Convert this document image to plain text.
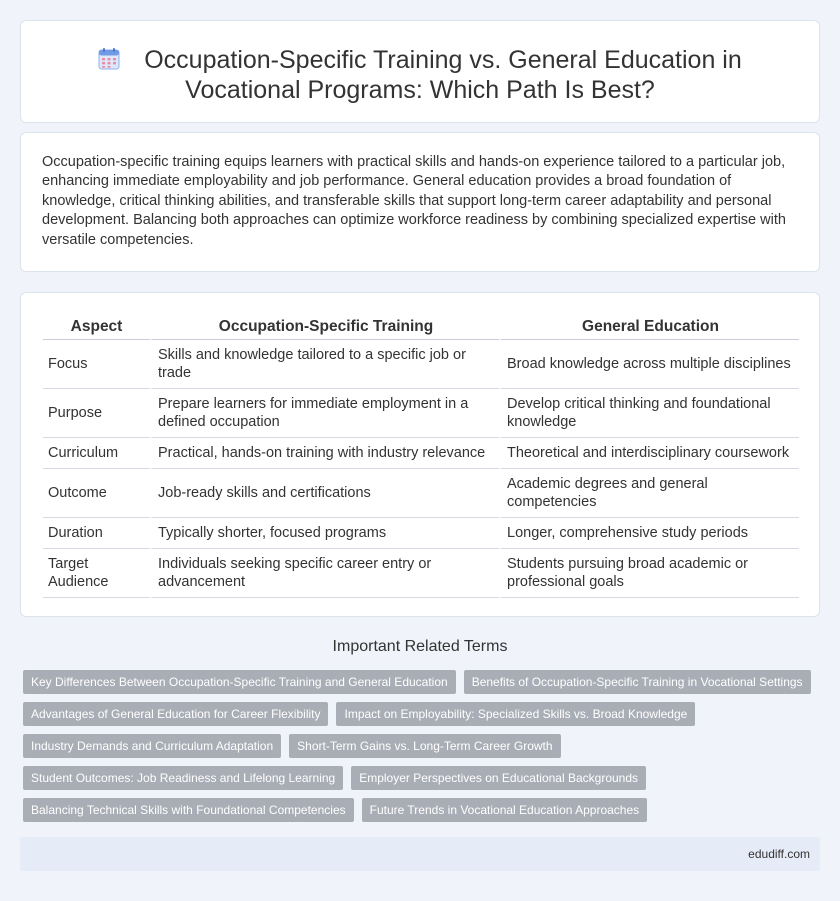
Occupation-Specific Training vs. General Education in Vocational Programs: Which Path Is Best?

Occupation-specific training equips learners with practical skills and hands-on experience tailored to a particular job, enhancing immediate employability and job performance. General education provides a broad foundation of knowledge, critical thinking abilities, and transferable skills that support long-term career adaptability and personal development. Balancing both approaches can optimize workforce readiness by combining specialized expertise with versatile competencies.

Aspect	Occupation-Specific Training	General Education
Focus	Skills and knowledge tailored to a specific job or trade	Broad knowledge across multiple disciplines
Purpose	Prepare learners for immediate employment in a defined occupation	Develop critical thinking and foundational knowledge
Curriculum	Practical, hands-on training with industry relevance	Theoretical and interdisciplinary coursework
Outcome	Job-ready skills and certifications	Academic degrees and general competencies
Duration	Typically shorter, focused programs	Longer, comprehensive study periods
Target Audience	Individuals seeking specific career entry or advancement	Students pursuing broad academic or professional goals
Important Related Terms
Key Differences Between Occupation-Specific Training and General Education	Benefits of Occupation-Specific Training in Vocational Settings
Advantages of General Education for Career Flexibility	Impact on Employability: Specialized Skills vs. Broad Knowledge
Industry Demands and Curriculum Adaptation	Short-Term Gains vs. Long-Term Career Growth
Student Outcomes: Job Readiness and Lifelong Learning	Employer Perspectives on Educational Backgrounds
Balancing Technical Skills with Foundational Competencies	Future Trends in Vocational Education Approaches
edudiff.com
